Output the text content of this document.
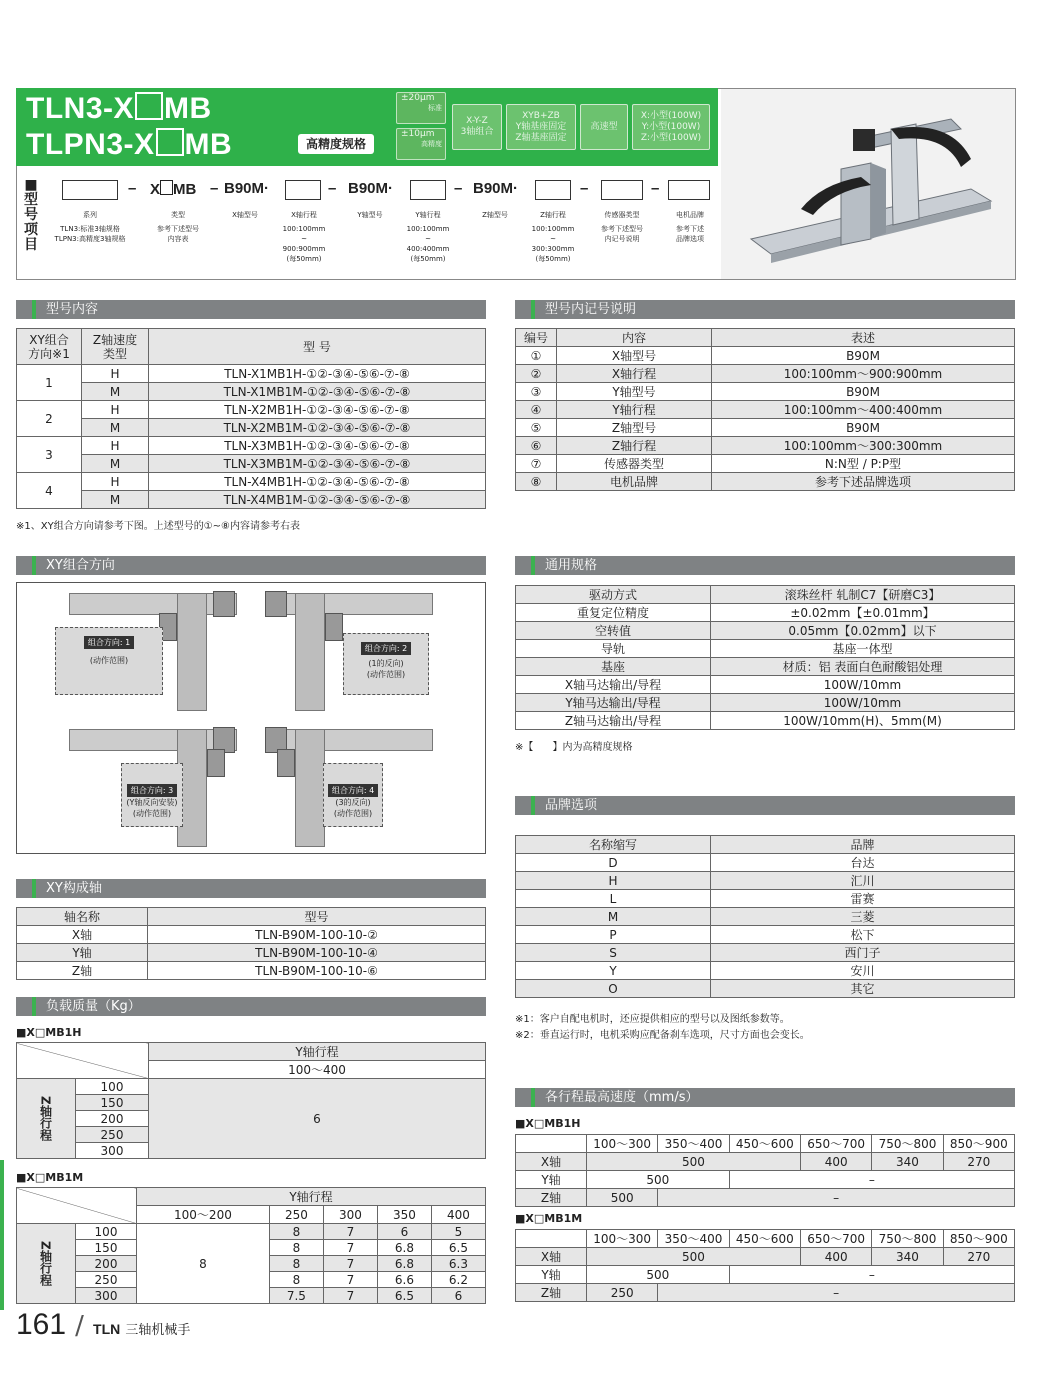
TLN3-X MB
TLPN3-X MB	高精度规格
±20μm
标准
±10μm
高精度
X-Y-Z
3轴组合
XYB+ZB
Y轴基座固定
Z轴基座固定
高速型
X:小型(100W)
Y:小型(100W)
Z:小型(100W)
■型号项目
– X MB – B90M·	– B90M·	– B90M·	–	–
系列
TLN3:标准3轴规格
TLPN3:高精度3轴规格
类型
参考下述型号
内容表
X轴型号	X轴行程
100:100mm
~
900:900mm
(每50mm)
Y轴型号	Y轴行程
100:100mm
~
400:400mm
(每50mm)
Z轴型号	Z轴行程
100:100mm
~
300:300mm
(每50mm)
传感器类型
参考下述型号
内记号说明
电机品牌
参考下述
品牌选项
型号内容
XY组合
方向※1	Z轴速度
类型	型 号
1	H	TLN-X1MB1H-①②-③④-⑤⑥-⑦-⑧
	M	TLN-X1MB1M-①②-③④-⑤⑥-⑦-⑧
2	H	TLN-X2MB1H-①②-③④-⑤⑥-⑦-⑧
	M	TLN-X2MB1M-①②-③④-⑤⑥-⑦-⑧
3	H	TLN-X3MB1H-①②-③④-⑤⑥-⑦-⑧
	M	TLN-X3MB1M-①②-③④-⑤⑥-⑦-⑧
4	H	TLN-X4MB1H-①②-③④-⑤⑥-⑦-⑧
	M	TLN-X4MB1M-①②-③④-⑤⑥-⑦-⑧
※1、XY组合方向请参考下图。上述型号的①~⑧内容请参考右表
型号内记号说明
编号	内容	表述
①	X轴型号	B90M
②	X轴行程	100:100mm～900:900mm
③	Y轴型号	B90M
④	Y轴行程	100:100mm～400:400mm
⑤	Z轴型号	B90M
⑥	Z轴行程	100:100mm～300:300mm
⑦	传感器类型	N:N型 / P:P型
⑧	电机品牌	参考下述品牌选项
XY组合方向
组合方向: 1
(动作范围)
组合方向: 2
(1的反向)
(动作范围)
组合方向: 3
(Y轴反向安装)
(动作范围)
组合方向: 4
(3的反向)
(动作范围)
通用规格
驱动方式	滚珠丝杆 轧制C7【研磨C3】
重复定位精度	±0.02mm【±0.01mm】
空转值	0.05mm【0.02mm】以下
导轨	基座一体型
基座	材质：铝 表面白色耐酸铝处理
X轴马达输出/导程	100W/10mm
Y轴马达输出/导程	100W/10mm
Z轴马达输出/导程	100W/10mm(H)、5mm(M)
※【      】内为高精度规格
品牌选项
名称缩写	品牌
D	台达
H	汇川
L	雷赛
M	三菱
P	松下
S	西门子
Y	安川
O	其它
※1：客户自配电机时，还应提供相应的型号以及图纸参数等。
※2：垂直运行时，电机采购应配备刹车选项，尺寸方面也会变长。
XY构成轴
轴名称	型号
X轴	TLN-B90M-100-10-②
Y轴	TLN-B90M-100-10-④
Z轴	TLN-B90M-100-10-⑥
负载质量（Kg）
■X□MB1H
		Y轴行程
		100～400
Z轴行程	100	6
	150	
	200	
	250	
	300	
■X□MB1M
		Y轴行程				
		100～200	250	300	350	400
Z轴行程	100	8	8	7	6	5
	150		8	7	6.8	6.5
	200		8	7	6.8	6.3
	250		8	7	6.6	6.2
	300		7.5	7	6.5	6
各行程最高速度（mm/s）
■X□MB1H
	100～300	350～400	450～600	650～700	750～800	850～900
X轴	500			400	340	270
Y轴	500		–			
Z轴	500	–				
■X□MB1M
	100～300	350～400	450～600	650～700	750～800	850～900
X轴	500			400	340	270
Y轴	500		–			
Z轴	250	–				
161 / TLN 三轴机械手
